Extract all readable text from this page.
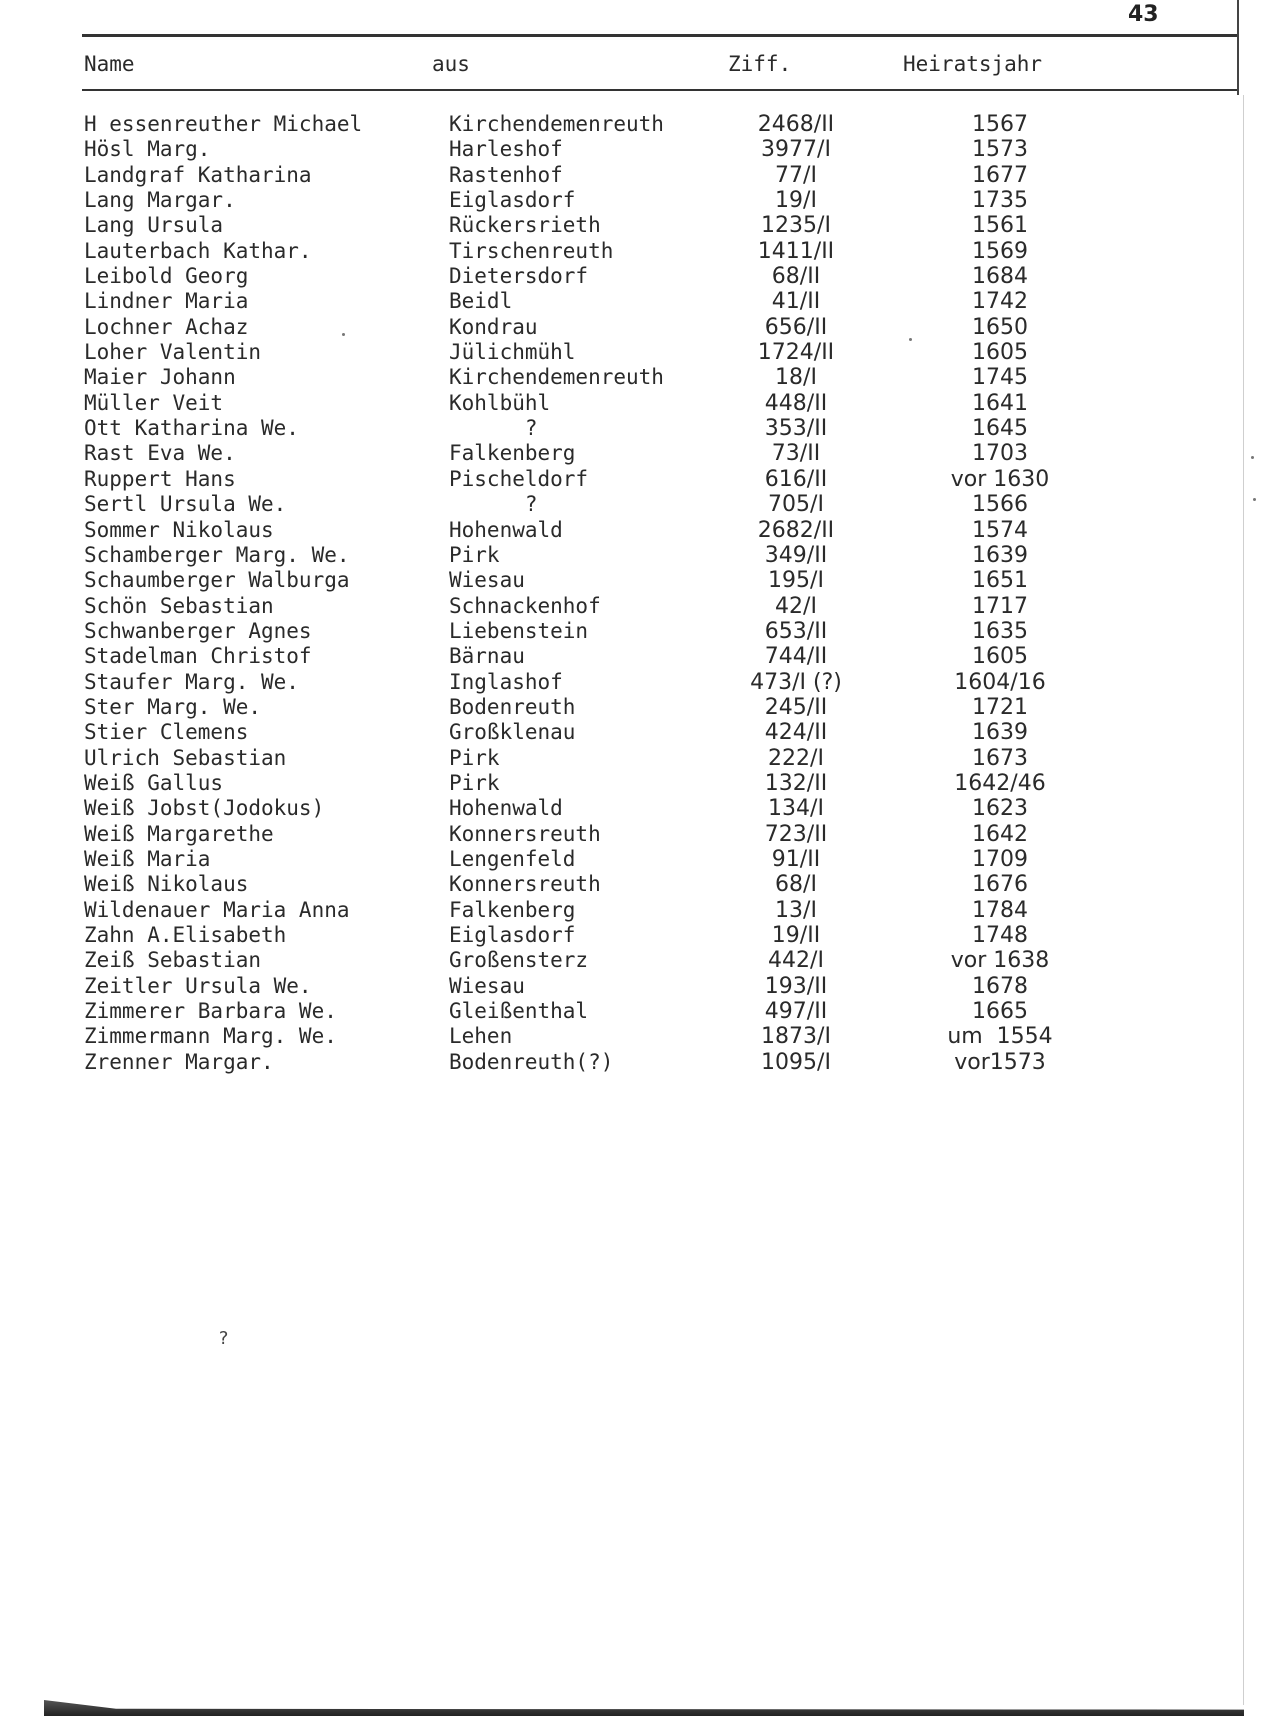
43
Name	aus	Ziff.	Heiratsjahr
H essenreuther Michael	Kirchendemenreuth	2468/II	1567
Hösl Marg.	Harleshof	3977/I	1573
Landgraf Katharina	Rastenhof	77/I	1677
Lang Margar.	Eiglasdorf	19/I	1735
Lang Ursula	Rückersrieth	1235/I	1561
Lauterbach Kathar.	Tirschenreuth	1411/II	1569
Leibold Georg	Dietersdorf	68/II	1684
Lindner Maria	Beidl	41/II	1742
Lochner Achaz	Kondrau	656/II	1650
Loher Valentin	Jülichmühl	1724/II	1605
Maier Johann	Kirchendemenreuth	18/I	1745
Müller Veit	Kohlbühl	448/II	1641
Ott Katharina We.	?	353/II	1645
Rast Eva We.	Falkenberg	73/II	1703
Ruppert Hans	Pischeldorf	616/II	vor 1630
Sertl Ursula We.	?	705/I	1566
Sommer Nikolaus	Hohenwald	2682/II	1574
Schamberger Marg. We.	Pirk	349/II	1639
Schaumberger Walburga	Wiesau	195/I	1651
Schön Sebastian	Schnackenhof	42/I	1717
Schwanberger Agnes	Liebenstein	653/II	1635
Stadelman Christof	Bärnau	744/II	1605
Staufer Marg. We.	Inglashof	473/I (?)	1604/16
Ster Marg. We.	Bodenreuth	245/II	1721
Stier Clemens	Großklenau	424/II	1639
Ulrich Sebastian	Pirk	222/I	1673
Weiß Gallus	Pirk	132/II	1642/46
Weiß Jobst(Jodokus)	Hohenwald	134/I	1623
Weiß Margarethe	Konnersreuth	723/II	1642
Weiß Maria	Lengenfeld	91/II	1709
Weiß Nikolaus	Konnersreuth	68/I	1676
Wildenauer Maria Anna	Falkenberg	13/I	1784
Zahn A.Elisabeth	Eiglasdorf	19/II	1748
Zeiß Sebastian	Großensterz	442/I	vor 1638
Zeitler Ursula We.	Wiesau	193/II	1678
Zimmerer Barbara We.	Gleißenthal	497/II	1665
Zimmermann Marg. We.	Lehen	1873/I	um  1554
Zrenner Margar.	Bodenreuth(?)	1095/I	vor1573
?
